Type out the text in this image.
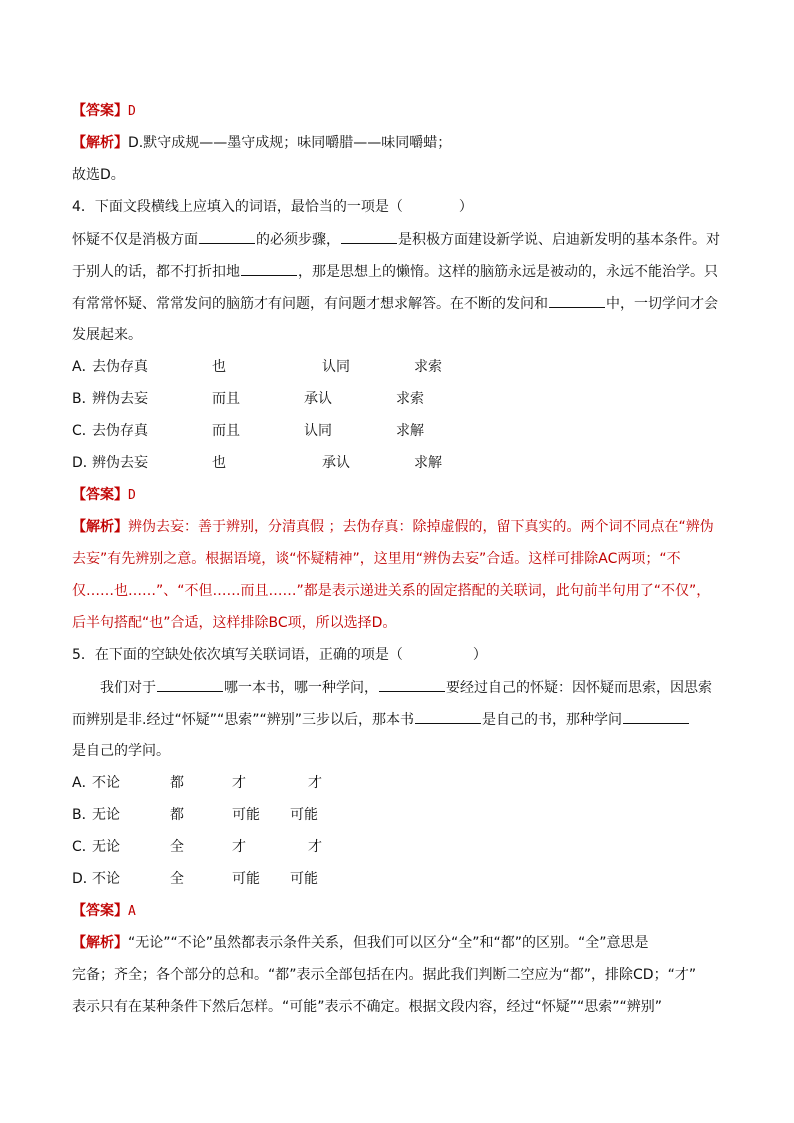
【答案】D
【解析】D.默守成规——墨守成规；味同嚼腊——味同嚼蜡；
故选D。
4．下面文段横线上应填入的词语，最恰当的一项是（　　　　）
怀疑不仅是消极方面	的必须步骤，	是积极方面建设新学说、启迪新发明的基本条件。对
于别人的话，都不打折扣地	，那是思想上的懒惰。这样的脑筋永远是被动的，永远不能治学。只
有常常怀疑、常常发问的脑筋才有问题，有问题才想求解答。在不断的发问和	中，一切学问才会
发展起来。
A．
去伪存真	也	认同	求索
B．
辨伪去妄	而且	承认	求索
C．
去伪存真	而且	认同	求解
D．
辨伪去妄	也	承认	求解
【答案】D
【解析】辨伪去妄：善于辨别，分清真假 ；去伪存真：除掉虚假的，留下真实的。两个词不同点在“辨伪
去妄”有先辨别之意。根据语境，谈“怀疑精神”，这里用“辨伪去妄”合适。这样可排除AC两项；“不
仅……也……”、“不但……而且……”都是表示递进关系的固定搭配的关联词，此句前半句用了“不仅”，
后半句搭配“也”合适，这样排除BC项，所以选择D。
5．在下面的空缺处依次填写关联词语，正确的项是（　　　　　）
我们对于	哪一本书，哪一种学问，	要经过自己的怀疑：因怀疑而思索，因思索
而辨别是非.经过“怀疑”“思索”“辨别”三步以后，那本书	是自己的书，那种学问
是自己的学问。
A．
不论	都	才	才
B．
无论	都	可能 可能
C．
无论	全	才	才
D．
不论	全	可能 可能
【答案】A
【解析】“无论”“不论”虽然都表示条件关系，但我们可以区分“全”和“都”的区别。“全”意思是
完备；齐全；各个部分的总和。“都”表示全部包括在内。据此我们判断二空应为“都”，排除CD；“才”
表示只有在某种条件下然后怎样。“可能”表示不确定。根据文段内容，经过“怀疑”“思索”“辨别”
